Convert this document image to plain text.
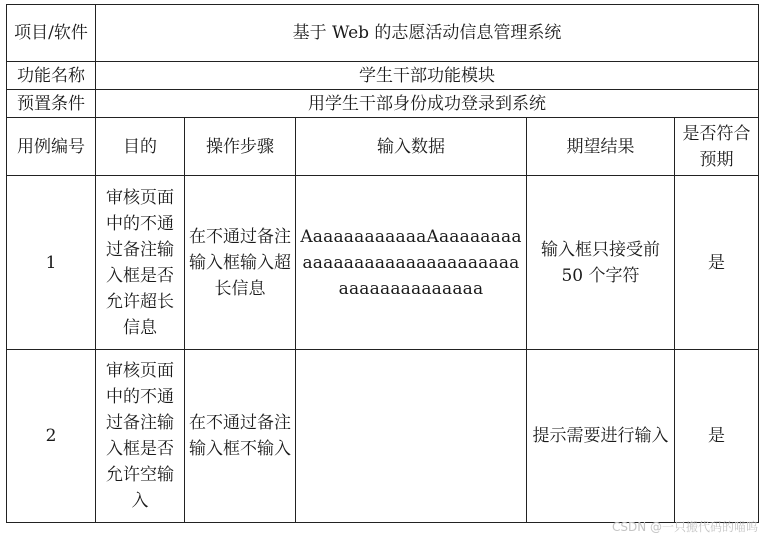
项目/软件	基于 Web 的志愿活动信息管理系统				
功能名称	学生干部功能模块				
预置条件	用学生干部身份成功登录到系统				
用例编号	目的	操作步骤	输入数据	期望结果	是否符合预期
1	审核页面中的不通过备注输入框是否允许超长信息	在不通过备注输入框输入超长信息	AaaaaaaaaaaaAaaaaaaaaaaaaaaaaaaaaaaaaaaaaaaaaaaaaaaaaaaa	输入框只接受前 50 个字符	是
2	审核页面中的不通过备注输入框是否允许空输入	在不通过备注输入框不输入		提示需要进行输入	是
CSDN @一只搬代码的喵呜
